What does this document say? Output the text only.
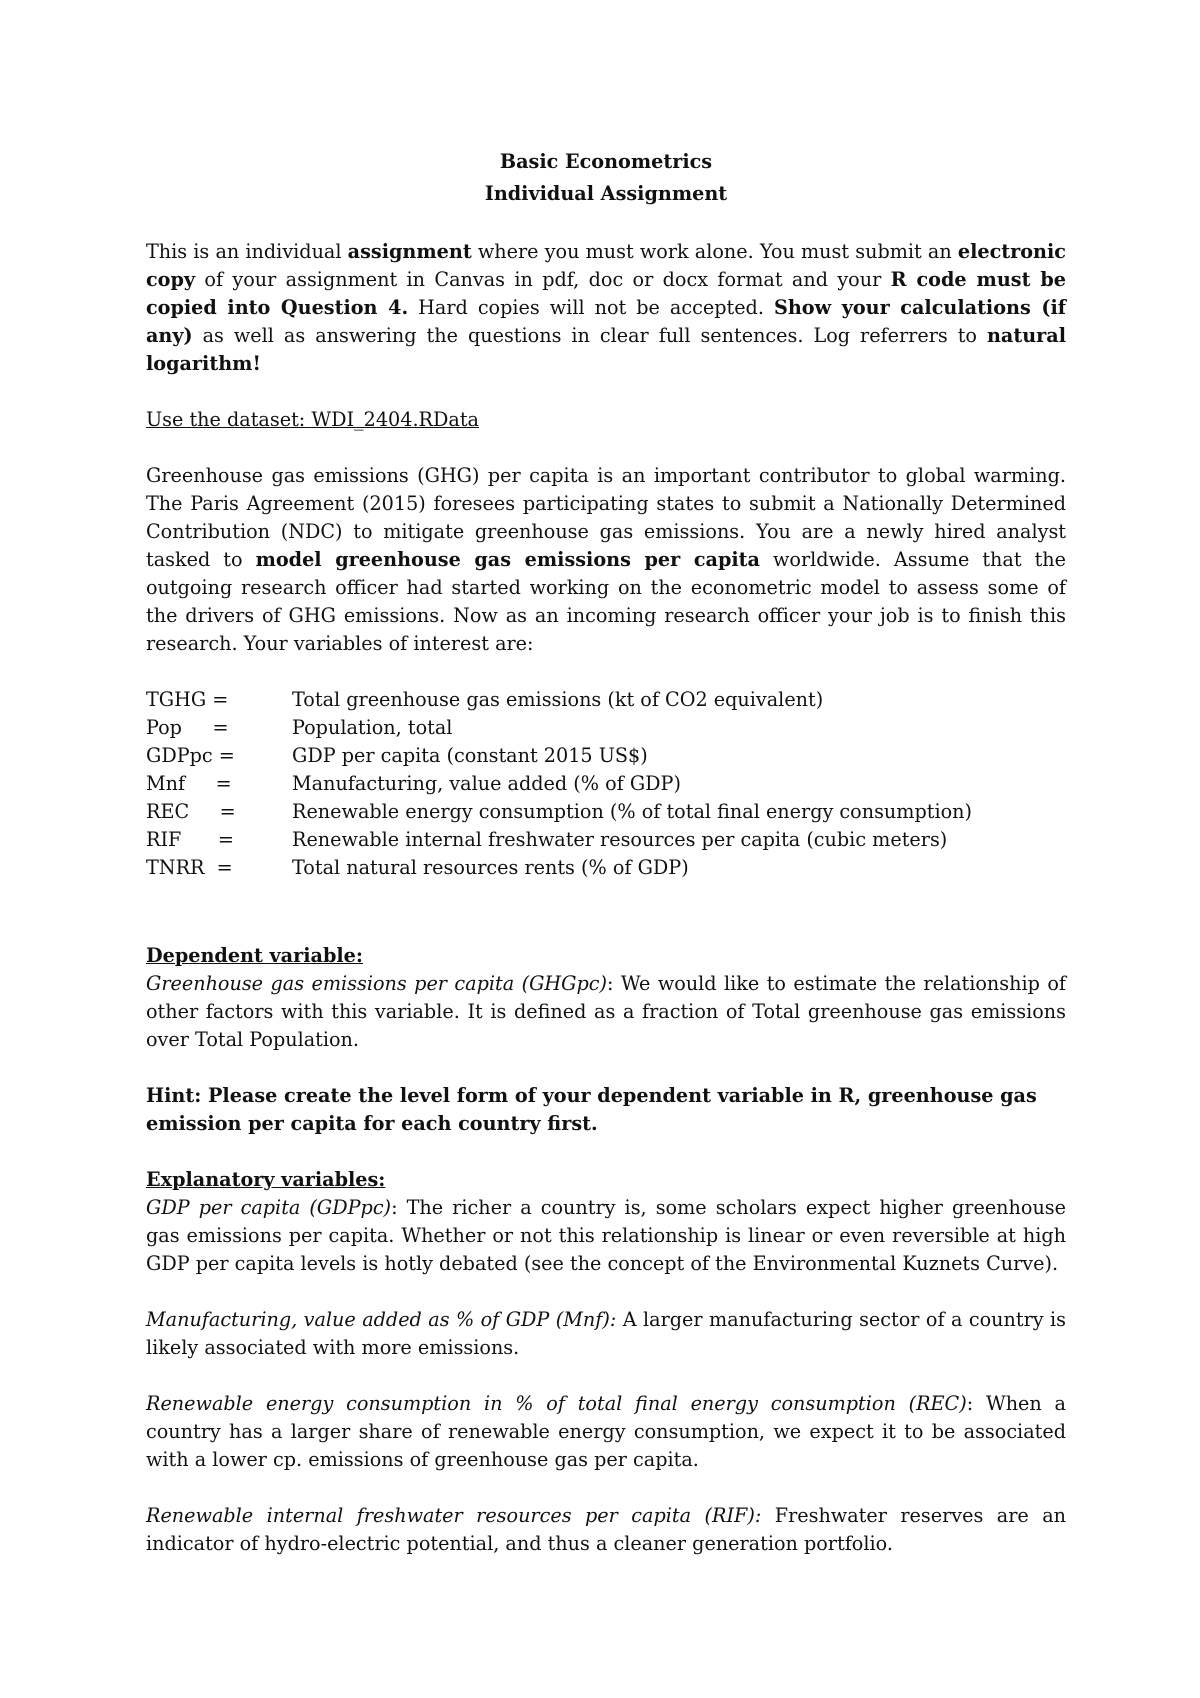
Basic Econometrics
Individual Assignment

This is an individual assignment where you must work alone. You must submit an electronic copy of your assignment in Canvas in pdf, doc or docx format and your R code must be copied into Question 4. Hard copies will not be accepted. Show your calculations (if any) as well as answering the questions in clear full sentences. Log referrers to natural logarithm!

Use the dataset: WDI_2404.RData

Greenhouse gas emissions (GHG) per capita is an important contributor to global warming. The Paris Agreement (2015) foresees participating states to submit a Nationally Determined Contribution (NDC) to mitigate greenhouse gas emissions. You are a newly hired analyst tasked to model greenhouse gas emissions per capita worldwide. Assume that the outgoing research officer had started working on the econometric model to assess some of the drivers of GHG emissions. Now as an incoming research officer your job is to finish this research. Your variables of interest are:

TGHG =	Total greenhouse gas emissions (kt of CO2 equivalent)
Pop     =	Population, total
GDPpc =	GDP per capita (constant 2015 US$)
Mnf     =	Manufacturing, value added (% of GDP)
REC     =	Renewable energy consumption (% of total final energy consumption)
RIF      =	Renewable internal freshwater resources per capita (cubic meters)
TNRR  =	Total natural resources rents (% of GDP)

Dependent variable:
Greenhouse gas emissions per capita (GHGpc): We would like to estimate the relationship of other factors with this variable. It is defined as a fraction of Total greenhouse gas emissions over Total Population.

Hint: Please create the level form of your dependent variable in R, greenhouse gas emission per capita for each country first.

Explanatory variables:
GDP per capita (GDPpc): The richer a country is, some scholars expect higher greenhouse gas emissions per capita. Whether or not this relationship is linear or even reversible at high GDP per capita levels is hotly debated (see the concept of the Environmental Kuznets Curve).

Manufacturing, value added as % of GDP (Mnf): A larger manufacturing sector of a country is likely associated with more emissions.

Renewable energy consumption in % of total final energy consumption (REC): When a country has a larger share of renewable energy consumption, we expect it to be associated with a lower cp. emissions of greenhouse gas per capita.

Renewable internal freshwater resources per capita (RIF): Freshwater reserves are an indicator of hydro-electric potential, and thus a cleaner generation portfolio.
